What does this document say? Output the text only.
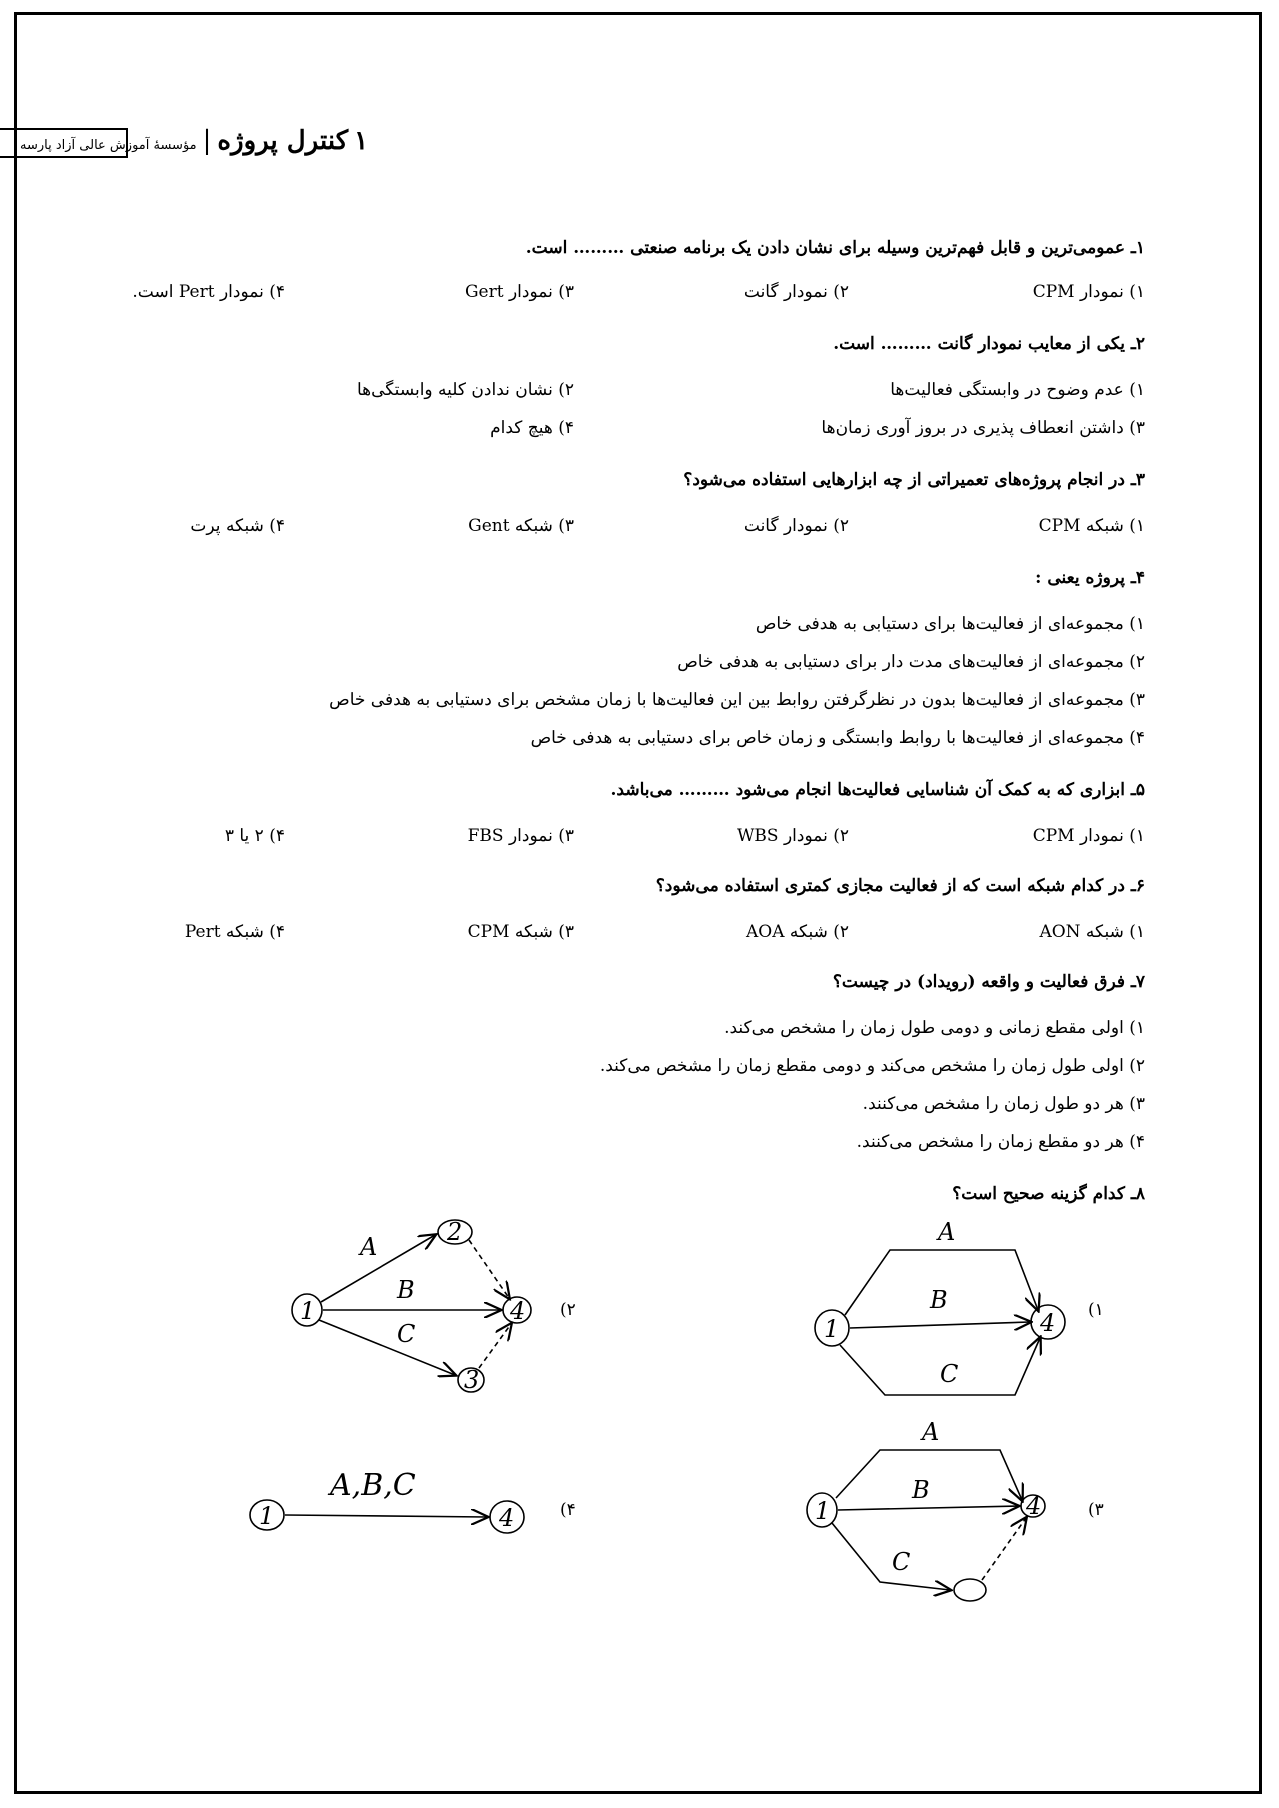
۱
کنترل پروژه
|
مؤسسهٔ آموزش عالی آزاد پارسه
۱ـ عمومی‌ترین و قابل فهم‌ترین وسیله برای نشان دادن یک برنامه صنعتی ……… است.
۱) نمودار CPM
۲) نمودار گانت
۳) نمودار Gert
۴) نمودار Pert است.
۲ـ یکی از معایب نمودار گانت ……… است.
۱) عدم وضوح در وابستگی فعالیت‌ها
۲) نشان ندادن کلیه وابستگی‌ها
۳) داشتن انعطاف پذیری در بروز آوری زمان‌ها
۴) هیچ کدام
۳ـ در انجام پروژه‌های تعمیراتی از چه ابزارهایی استفاده می‌شود؟
۱) شبکه CPM
۲) نمودار گانت
۳) شبکه Gent
۴) شبکه پرت
۴ـ پروژه یعنی :
۱) مجموعه‌ای از فعالیت‌ها برای دستیابی به هدفی خاص
۲) مجموعه‌ای از فعالیت‌های مدت دار برای دستیابی به هدفی خاص
۳) مجموعه‌ای از فعالیت‌ها بدون در نظرگرفتن روابط بین این فعالیت‌ها با زمان مشخص برای دستیابی به هدفی خاص
۴) مجموعه‌ای از فعالیت‌ها با روابط وابستگی و زمان خاص برای دستیابی به هدفی خاص
۵ـ ابزاری که به کمک آن شناسایی فعالیت‌ها انجام می‌شود ……… می‌باشد.
۱) نمودار CPM
۲) نمودار WBS
۳) نمودار FBS
۴) ۲ یا ۳
۶ـ در کدام شبکه است که از فعالیت مجازی کمتری استفاده می‌شود؟
۱) شبکه AON
۲) شبکه AOA
۳) شبکه CPM
۴) شبکه Pert
۷ـ فرق فعالیت و واقعه (رویداد) در چیست؟
۱) اولی مقطع زمانی و دومی طول زمان را مشخص می‌کند.
۲) اولی طول زمان را مشخص می‌کند و دومی مقطع زمان را مشخص می‌کند.
۳) هر دو طول زمان را مشخص می‌کنند.
۴) هر دو مقطع زمان را مشخص می‌کنند.
۸ـ کدام گزینه صحیح است؟
۱)
۲)
۳)
۴)
1	4
A
B
C
1
2
4
3
A
B
C
1	4
A
B
C
1	4
A,B,C
